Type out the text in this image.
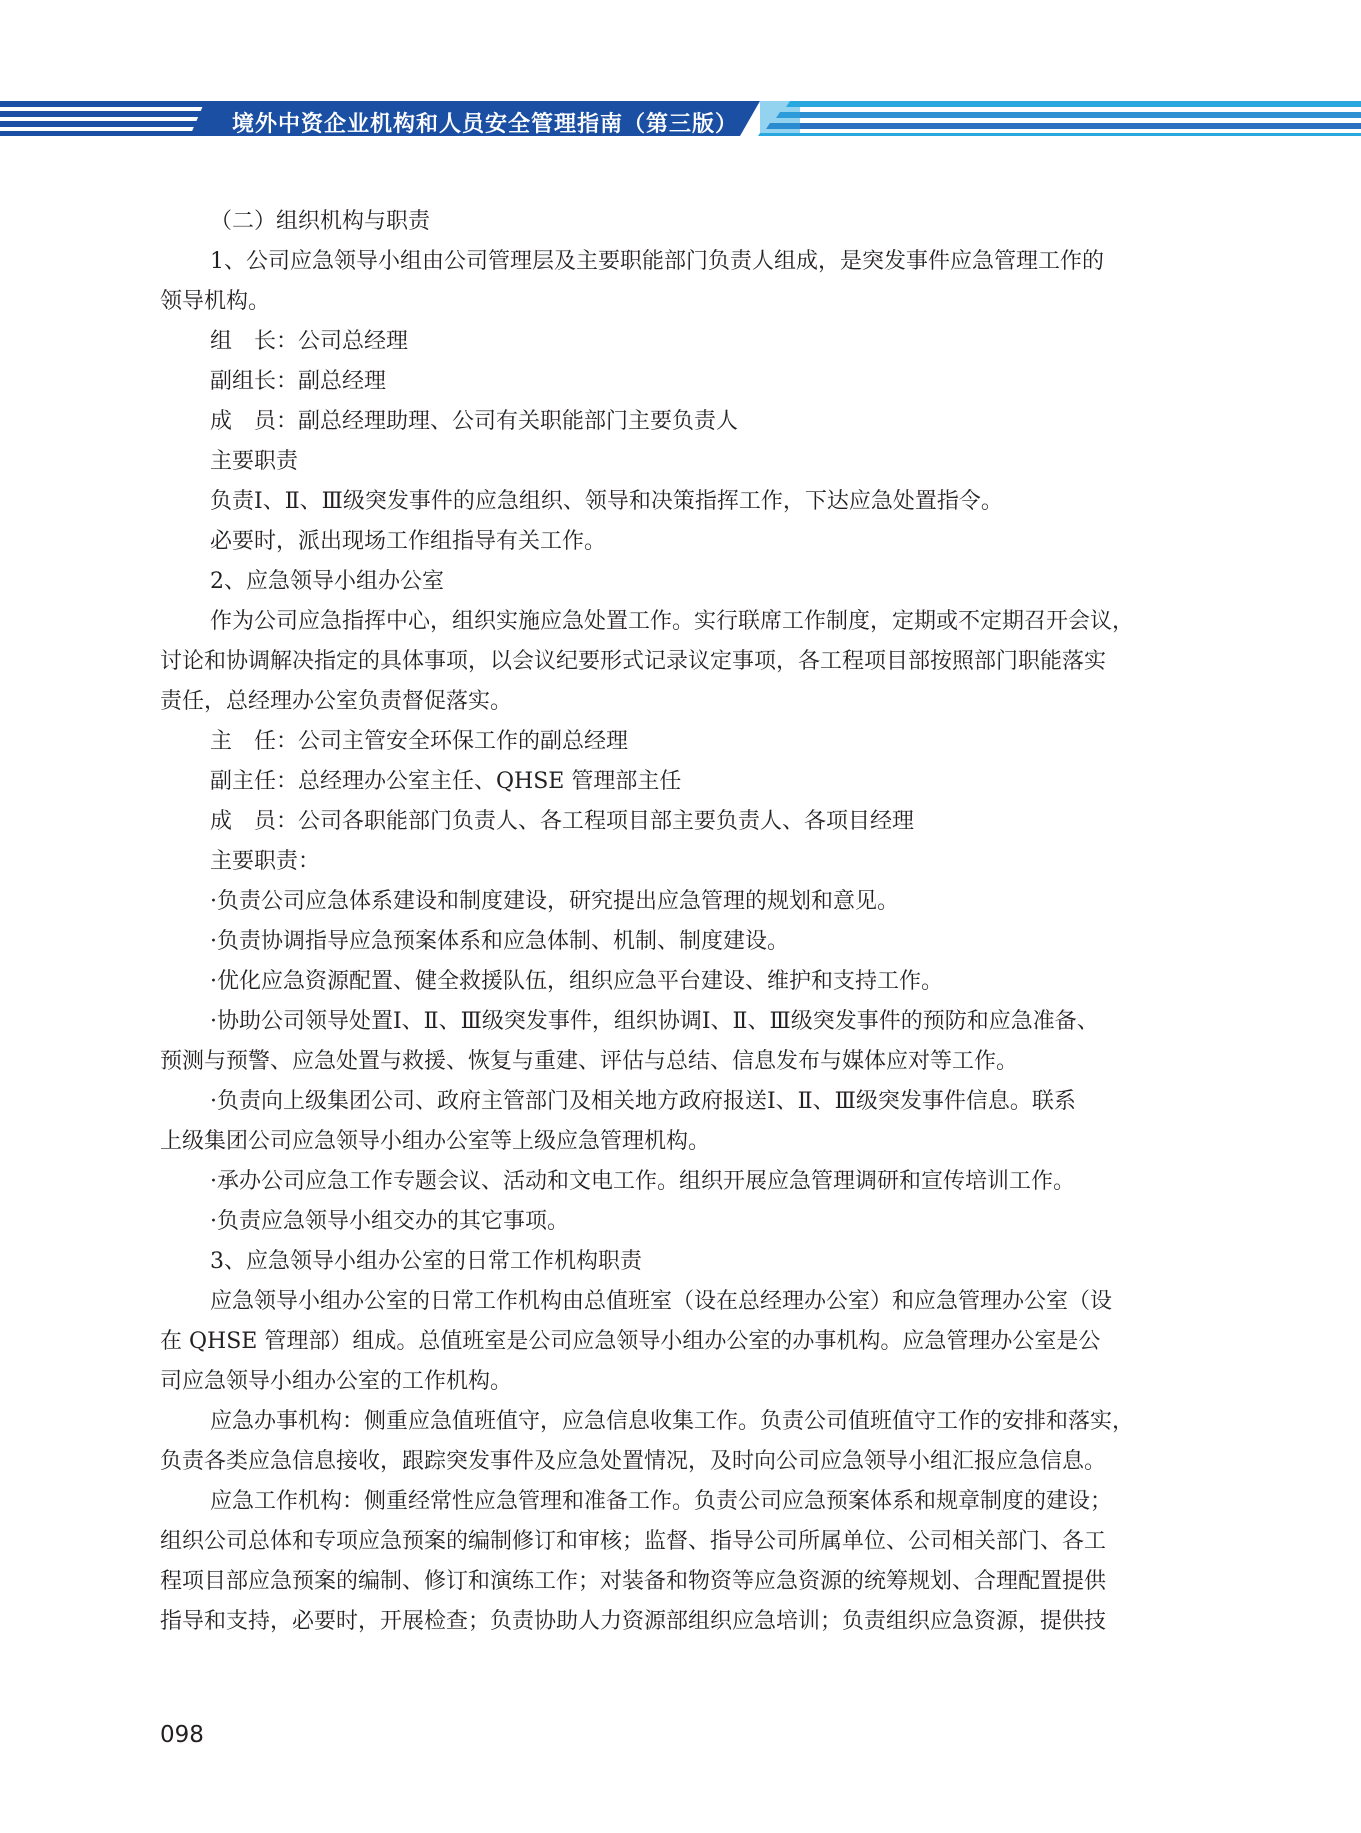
境外中资企业机构和人员安全管理指南（第三版）
（二）组织机构与职责
1、公司应急领导小组由公司管理层及主要职能部门负责人组成，是突发事件应急管理工作的
领导机构。
组　长：公司总经理
副组长：副总经理
成　员：副总经理助理、公司有关职能部门主要负责人
主要职责
负责Ⅰ、Ⅱ、Ⅲ级突发事件的应急组织、领导和决策指挥工作，下达应急处置指令。
必要时，派出现场工作组指导有关工作。
2、应急领导小组办公室
作为公司应急指挥中心，组织实施应急处置工作。实行联席工作制度，定期或不定期召开会议，
讨论和协调解决指定的具体事项，以会议纪要形式记录议定事项，各工程项目部按照部门职能落实
责任，总经理办公室负责督促落实。
主　任：公司主管安全环保工作的副总经理
副主任：总经理办公室主任、QHSE 管理部主任
成　员：公司各职能部门负责人、各工程项目部主要负责人、各项目经理
主要职责：
·负责公司应急体系建设和制度建设，研究提出应急管理的规划和意见。
·负责协调指导应急预案体系和应急体制、机制、制度建设。
·优化应急资源配置、健全救援队伍，组织应急平台建设、维护和支持工作。
·协助公司领导处置Ⅰ、Ⅱ、Ⅲ级突发事件，组织协调Ⅰ、Ⅱ、Ⅲ级突发事件的预防和应急准备、
预测与预警、应急处置与救援、恢复与重建、评估与总结、信息发布与媒体应对等工作。
·负责向上级集团公司、政府主管部门及相关地方政府报送Ⅰ、Ⅱ、Ⅲ级突发事件信息。联系
上级集团公司应急领导小组办公室等上级应急管理机构。
·承办公司应急工作专题会议、活动和文电工作。组织开展应急管理调研和宣传培训工作。
·负责应急领导小组交办的其它事项。
3、应急领导小组办公室的日常工作机构职责
应急领导小组办公室的日常工作机构由总值班室（设在总经理办公室）和应急管理办公室（设
在 QHSE 管理部）组成。总值班室是公司应急领导小组办公室的办事机构。应急管理办公室是公
司应急领导小组办公室的工作机构。
应急办事机构：侧重应急值班值守，应急信息收集工作。负责公司值班值守工作的安排和落实，
负责各类应急信息接收，跟踪突发事件及应急处置情况，及时向公司应急领导小组汇报应急信息。
应急工作机构：侧重经常性应急管理和准备工作。负责公司应急预案体系和规章制度的建设；
组织公司总体和专项应急预案的编制修订和审核；监督、指导公司所属单位、公司相关部门、各工
程项目部应急预案的编制、修订和演练工作；对装备和物资等应急资源的统筹规划、合理配置提供
指导和支持，必要时，开展检查；负责协助人力资源部组织应急培训；负责组织应急资源，提供技
098
